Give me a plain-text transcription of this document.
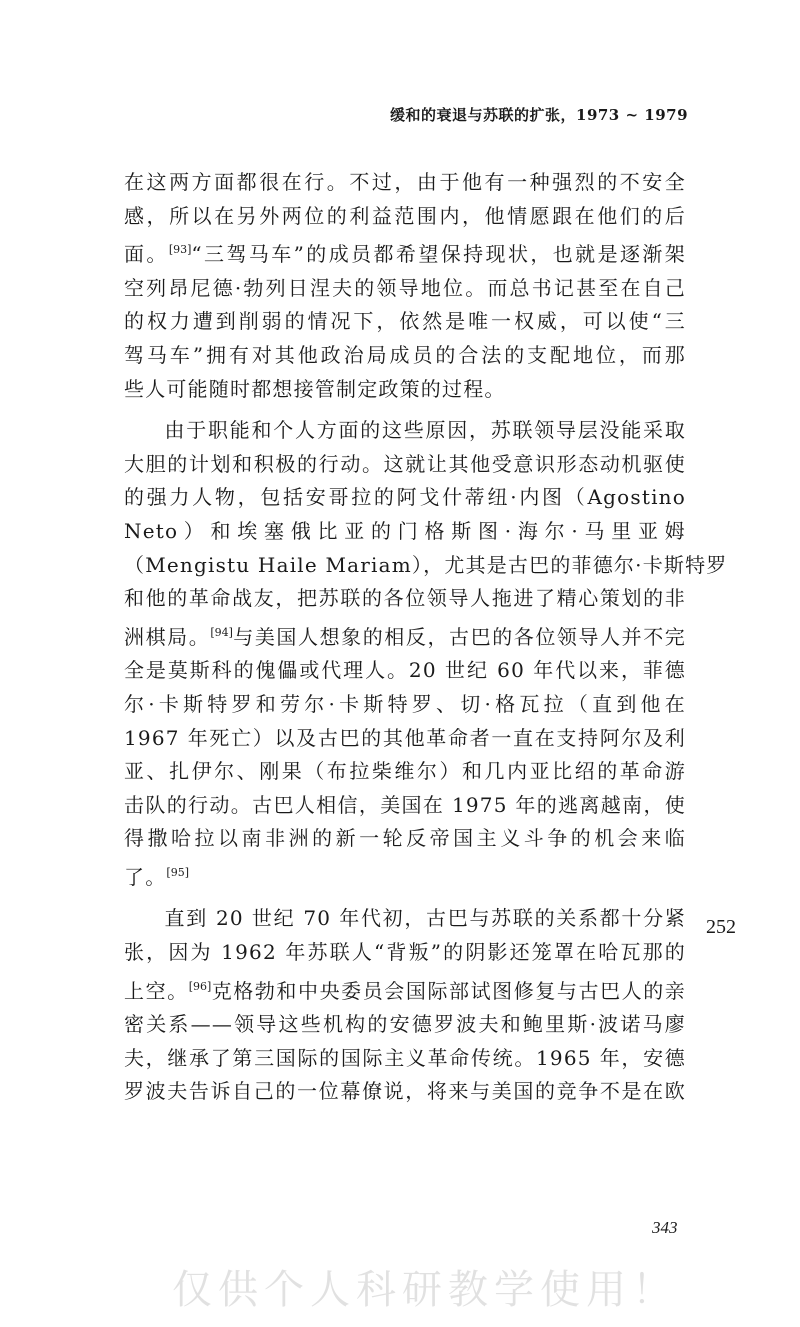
缓和的衰退与苏联的扩张，1973 ~ 1979
在这两方面都很在行。不过，由于他有一种强烈的不安全
感，所以在另外两位的利益范围内，他情愿跟在他们的后
面。[93]“三驾马车”的成员都希望保持现状，也就是逐渐架
空列昂尼德·勃列日涅夫的领导地位。而总书记甚至在自己
的权力遭到削弱的情况下，依然是唯一权威，可以使“三
驾马车”拥有对其他政治局成员的合法的支配地位，而那
些人可能随时都想接管制定政策的过程。
由于职能和个人方面的这些原因，苏联领导层没能采取
大胆的计划和积极的行动。这就让其他受意识形态动机驱使
的强力人物，包括安哥拉的阿戈什蒂纽·内图（Agostino
Neto）和埃塞俄比亚的门格斯图·海尔·马里亚姆
（Mengistu Haile Mariam），尤其是古巴的菲德尔·卡斯特罗
和他的革命战友，把苏联的各位领导人拖进了精心策划的非
洲棋局。[94]与美国人想象的相反，古巴的各位领导人并不完
全是莫斯科的傀儡或代理人。20 世纪 60 年代以来，菲德
尔·卡斯特罗和劳尔·卡斯特罗、切·格瓦拉（直到他在
1967 年死亡）以及古巴的其他革命者一直在支持阿尔及利
亚、扎伊尔、刚果（布拉柴维尔）和几内亚比绍的革命游
击队的行动。古巴人相信，美国在 1975 年的逃离越南，使
得撒哈拉以南非洲的新一轮反帝国主义斗争的机会来临
了。[95]
直到 20 世纪 70 年代初，古巴与苏联的关系都十分紧
张，因为 1962 年苏联人“背叛”的阴影还笼罩在哈瓦那的
上空。[96]克格勃和中央委员会国际部试图修复与古巴人的亲
密关系——领导这些机构的安德罗波夫和鲍里斯·波诺马廖
夫，继承了第三国际的国际主义革命传统。1965 年，安德
罗波夫告诉自己的一位幕僚说，将来与美国的竞争不是在欧
252
343
仅供个人科研教学使用！
